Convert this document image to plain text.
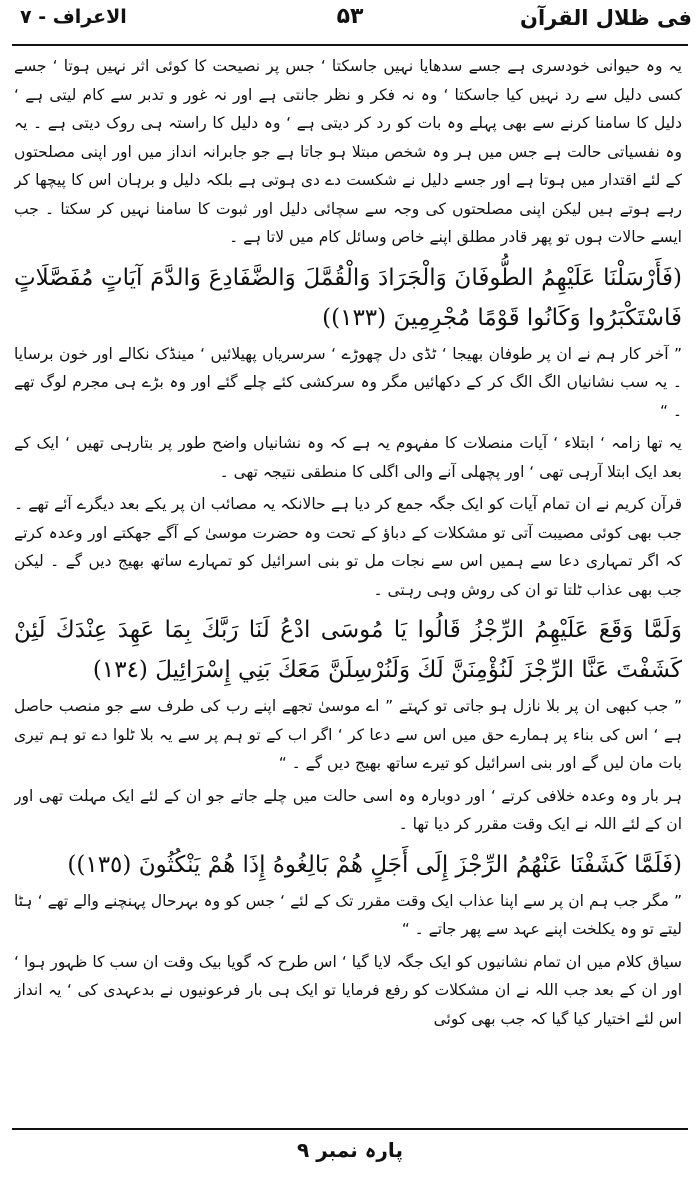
فی ظلال القرآن
۵۳
الاعراف - ۷

یہ وہ حیوانی خودسری ہے جسے سدھایا نہیں جاسکتا ‘ جس پر نصیحت کا کوئی اثر نہیں ہوتا ‘ جسے کسی دلیل سے رد نہیں کیا جاسکتا ‘ وہ نہ فکر و نظر جانتی ہے اور نہ غور و تدبر سے کام لیتی ہے ‘ دلیل کا سامنا کرنے سے بھی پہلے وہ بات کو رد کر دیتی ہے ‘ وہ دلیل کا راستہ ہی روک دیتی ہے ۔ یہ وہ نفسیاتی حالت ہے جس میں ہر وہ شخص مبتلا ہو جاتا ہے جو جابرانہ انداز میں اور اپنی مصلحتوں کے لئے اقتدار میں ہوتا ہے اور جسے دلیل نے شکست دے دی ہوتی ہے بلکہ دلیل و برہان اس کا پیچھا کر رہے ہوتے ہیں لیکن اپنی مصلحتوں کی وجہ سے سچائی دلیل اور ثبوت کا سامنا نہیں کر سکتا ۔ جب ایسے حالات ہوں تو پھر قادر مطلق اپنے خاص وسائل کام میں لاتا ہے ۔

(فَأَرْسَلْنَا عَلَيْهِمُ الطُّوفَانَ وَالْجَرَادَ وَالْقُمَّلَ وَالضَّفَادِعَ وَالدَّمَ آيَاتٍ مُفَصَّلَاتٍ فَاسْتَكْبَرُوا وَكَانُوا قَوْمًا مُجْرِمِينَ (١٣٣))

” آخر کار ہم نے ان پر طوفان بھیجا ‘ ٹڈی دل چھوڑے ‘ سرسریاں پھیلائیں ‘ مینڈک نکالے اور خون برسایا ۔ یہ سب نشانیاں الگ الگ کر کے دکھائیں مگر وہ سرکشی کئے چلے گئے اور وہ بڑے ہی مجرم لوگ تھے ۔ “

یہ تھا زامہ ‘ ابتلاء ‘ آیات منصلات کا مفہوم یہ ہے کہ وہ نشانیاں واضح طور پر بتارہی تھیں ‘ ایک کے بعد ایک ابتلا آرہی تھی ‘ اور پچھلی آنے والی اگلی کا منطقی نتیجہ تھی ۔

قرآن کریم نے ان تمام آیات کو ایک جگہ جمع کر دیا ہے حالانکہ یہ مصائب ان پر یکے بعد دیگرے آئے تھے ۔ جب بھی کوئی مصیبت آتی تو مشکلات کے دباؤ کے تحت وہ حضرت موسیٰ کے آگے جھکتے اور وعدہ کرتے کہ اگر تمہاری دعا سے ہمیں اس سے نجات مل تو بنی اسرائیل کو تمہارے ساتھ بھیج دیں گے ۔ لیکن جب بھی عذاب ٹلتا تو ان کی روش وہی رہتی ۔

وَلَمَّا وَقَعَ عَلَيْهِمُ الرِّجْزُ قَالُوا يَا مُوسَى ادْعُ لَنَا رَبَّكَ بِمَا عَهِدَ عِنْدَكَ لَئِنْ كَشَفْتَ عَنَّا الرِّجْزَ لَنُؤْمِنَنَّ لَكَ وَلَنُرْسِلَنَّ مَعَكَ بَنِي إِسْرَائِيلَ (١٣٤)

” جب کبھی ان پر بلا نازل ہو جاتی تو کہتے ” اے موسیٰ تجھے اپنے رب کی طرف سے جو منصب حاصل ہے ‘ اس کی بناء پر ہمارے حق میں اس سے دعا کر ‘ اگر اب کے تو ہم پر سے یہ بلا ٹلوا دے تو ہم تیری بات مان لیں گے اور بنی اسرائیل کو تیرے ساتھ بھیج دیں گے ۔ “

ہر بار وہ وعدہ خلافی کرتے ‘ اور دوبارہ وہ اسی حالت میں چلے جاتے جو ان کے لئے ایک مہلت تھی اور ان کے لئے اللہ نے ایک وقت مقرر کر دیا تھا ۔

(فَلَمَّا كَشَفْنَا عَنْهُمُ الرِّجْزَ إِلَى أَجَلٍ هُمْ بَالِغُوهُ إِذَا هُمْ يَنْكُثُونَ (١٣٥))

” مگر جب ہم ان پر سے اپنا عذاب ایک وقت مقرر تک کے لئے ‘ جس کو وہ بہرحال پہنچنے والے تھے ‘ ہٹا لیتے تو وہ یکلخت اپنے عہد سے پھر جاتے ۔ “

سیاق کلام میں ان تمام نشانیوں کو ایک جگہ لایا گیا ‘ اس طرح کہ گویا بیک وقت ان سب کا ظہور ہوا ‘ اور ان کے بعد جب اللہ نے ان مشکلات کو رفع فرمایا تو ایک ہی بار فرعونیوں نے بدعہدی کی ‘ یہ انداز اس لئے اختیار کیا گیا کہ جب بھی کوئی

پارہ نمبر ۹
